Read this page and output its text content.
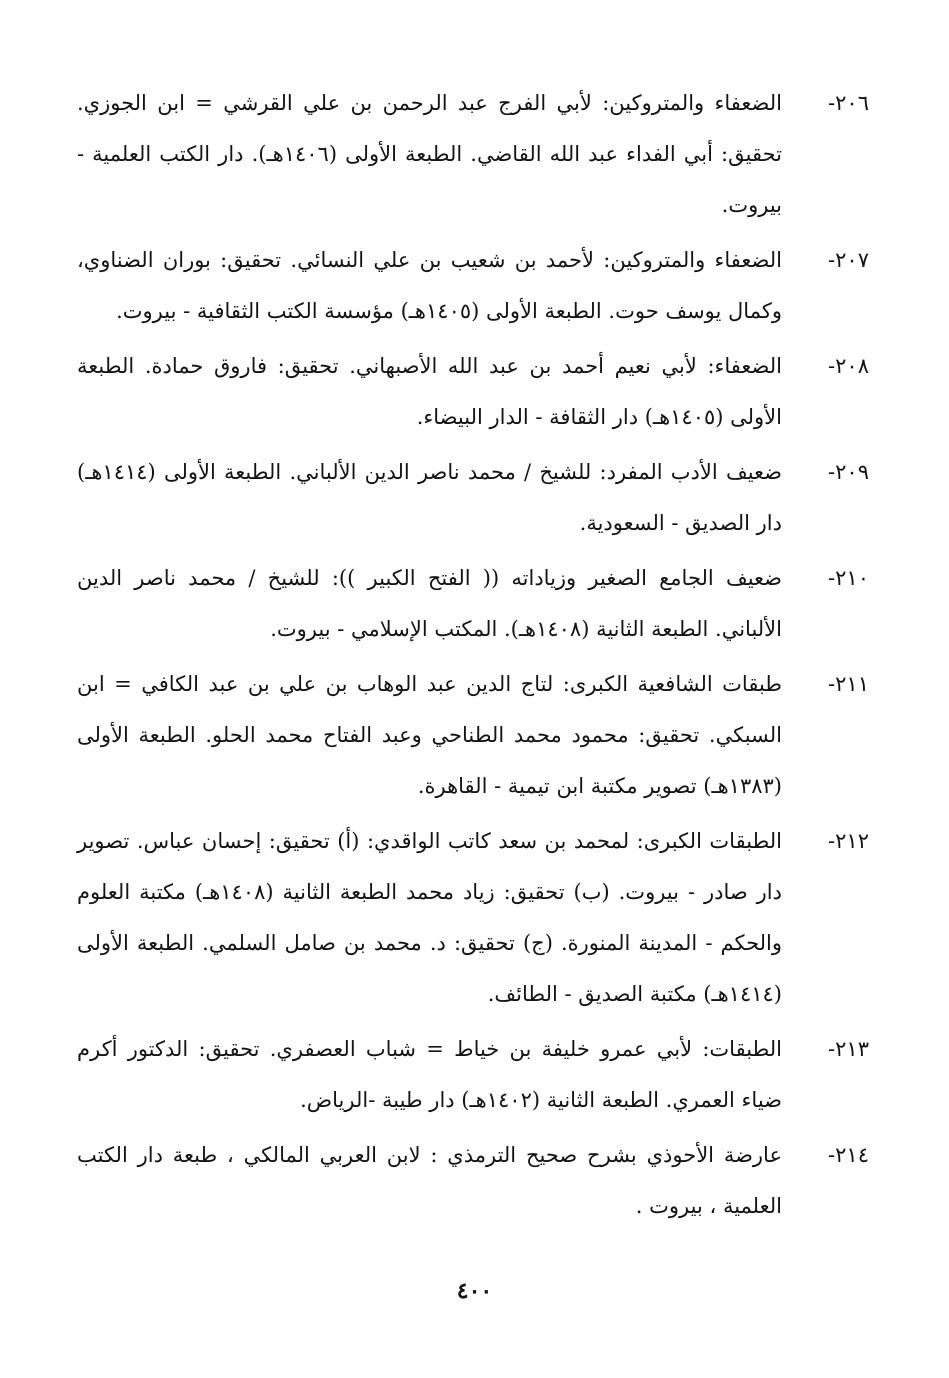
٢٠٦-
الضعفاء والمتروكين: لأبي الفرج عبد الرحمن بن علي القرشي = ابن الجوزي. تحقيق: أبي الفداء عبد الله القاضي. الطبعة الأولى (١٤٠٦هـ). دار الكتب العلمية - بيروت.
٢٠٧-
الضعفاء والمتروكين: لأحمد بن شعيب بن علي النسائي. تحقيق: بوران الضناوي، وكمال يوسف حوت. الطبعة الأولى (١٤٠٥هـ) مؤسسة الكتب الثقافية - بيروت.
٢٠٨-
الضعفاء: لأبي نعيم أحمد بن عبد الله الأصبهاني. تحقيق: فاروق حمادة. الطبعة الأولى (١٤٠٥هـ) دار الثقافة - الدار البيضاء.
٢٠٩-
ضعيف الأدب المفرد: للشيخ / محمد ناصر الدين الألباني. الطبعة الأولى (١٤١٤هـ) دار الصديق - السعودية.
٢١٠-
ضعيف الجامع الصغير وزياداته (( الفتح الكبير )): للشيخ / محمد ناصر الدين الألباني. الطبعة الثانية (١٤٠٨هـ). المكتب الإسلامي - بيروت.
٢١١-
طبقات الشافعية الكبرى: لتاج الدين عبد الوهاب بن علي بن عبد الكافي = ابن السبكي. تحقيق: محمود محمد الطناحي وعبد الفتاح محمد الحلو. الطبعة الأولى (١٣٨٣هـ) تصوير مكتبة ابن تيمية - القاهرة.
٢١٢-
الطبقات الكبرى: لمحمد بن سعد كاتب الواقدي: (أ) تحقيق: إحسان عباس. تصوير دار صادر - بيروت. (ب) تحقيق: زياد محمد الطبعة الثانية (١٤٠٨هـ) مكتبة العلوم والحكم - المدينة المنورة. (ج) تحقيق: د. محمد بن صامل السلمي. الطبعة الأولى (١٤١٤هـ) مكتبة الصديق - الطائف.
٢١٣-
الطبقات: لأبي عمرو خليفة بن خياط = شباب العصفري. تحقيق: الدكتور أكرم ضياء العمري. الطبعة الثانية (١٤٠٢هـ) دار طيبة -الرياض.
٢١٤-
عارضة الأحوذي بشرح صحيح الترمذي : لابن العربي المالكي ، طبعة دار الكتب العلمية ، بيروت .
٤٠٠
